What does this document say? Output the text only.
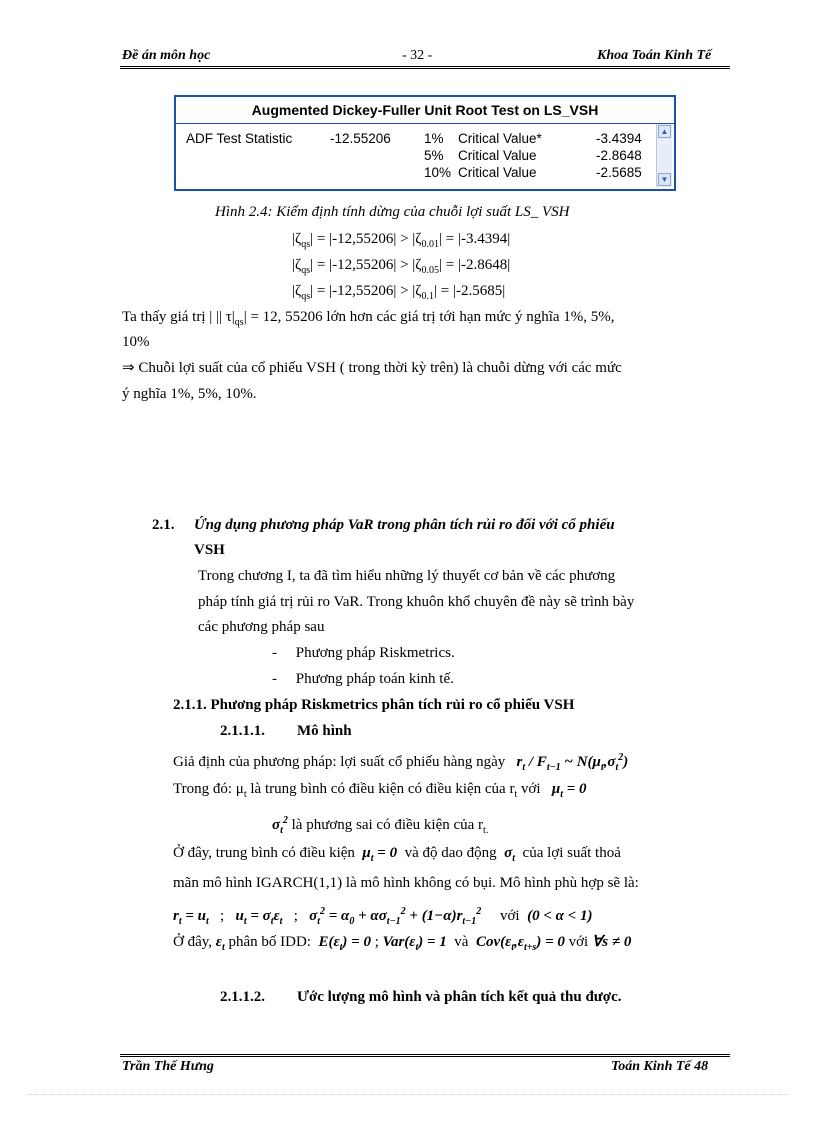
Đề án môn học	- 32 -	Khoa Toán Kinh Tế
Augmented Dickey-Fuller Unit Root Test on LS_VSH
ADF Test Statistic	-12.55206 1% Critical Value*	-3.4394
5% Critical Value	-2.8648
10% Critical Value	-2.5685
▲
▼
Hình 2.4: Kiểm định tính dừng của chuỗi lợi suất LS_ VSH
$|\zeta_{qs}| = |-12,55206| > |\zeta_{0.01}| = |-3.4394|$
$|\zeta_{qs}| = |-12,55206| > |\zeta_{0.05}| = |-2.8648|$
$|\zeta_{qs}| = |-12,55206| > |\zeta_{0.1}| = |-2.5685|$
Ta thấy giá trị | || $\tau|_{qs}| = 12$, 55206 lớn hơn các giá trị tới hạn mức ý nghĩa 1%, 5%,
10%
⇒ Chuỗi lợi suất của cổ phiếu VSH ( trong thời kỳ trên) là chuỗi dừng với các mức
ý nghĩa 1%, 5%, 10%.
2.1. Ứng dụng phương pháp VaR trong phân tích rủi ro đối với cổ phiếu
VSH
Trong chương I, ta đã tìm hiểu những lý thuyết cơ bản về các phương
pháp tính giá trị rủi ro VaR. Trong khuôn khổ chuyên đề này sẽ trình bày
các phương pháp sau
-     Phương pháp Riskmetrics.
-     Phương pháp toán kinh tế.
2.1.1. Phương pháp Riskmetrics phân tích rủi ro cổ phiếu VSH
2.1.1.1. Mô hình
Giả định của phương pháp: lợi suất cổ phiếu hàng ngày $r_t / F_{t-1}$ ~ $N(\mu_t,\sigma_t^2)$
Trong đó: $\mu_t$ là trung bình có điều kiện có điều kiện của $r_t$ với $\mu_t = 0$
$\sigma_t^2$ là phương sai có điều kiện của $r_{t.}$
Ở đây, trung bình có điều kiện $\mu_t = 0$ và độ dao động $\sigma_t$ của lợi suất thoả
mãn mô hình IGARCH(1,1) là mô hình không có bụi. Mô hình phù hợp sẽ là:
$r_t = u_t$   ;   $u_t = \sigma_t\varepsilon_t$   ;   $\sigma_t^2 = \alpha_0 + \alpha\sigma_{t-1}^2 + (1-\alpha)r_{t-1}^2$ với (0 < α < 1)
Ở đây, $\varepsilon_t$ phân bố IDD: $E(\varepsilon_t) = 0$ ; $Var(\varepsilon_t) = 1$ và $Cov(\varepsilon_t,\varepsilon_{t+s}) = 0$ với ∀s ≠ 0
2.1.1.2. Ước lượng mô hình và phân tích kết quả thu được.
Trần Thế Hưng	Toán Kinh Tế 48
